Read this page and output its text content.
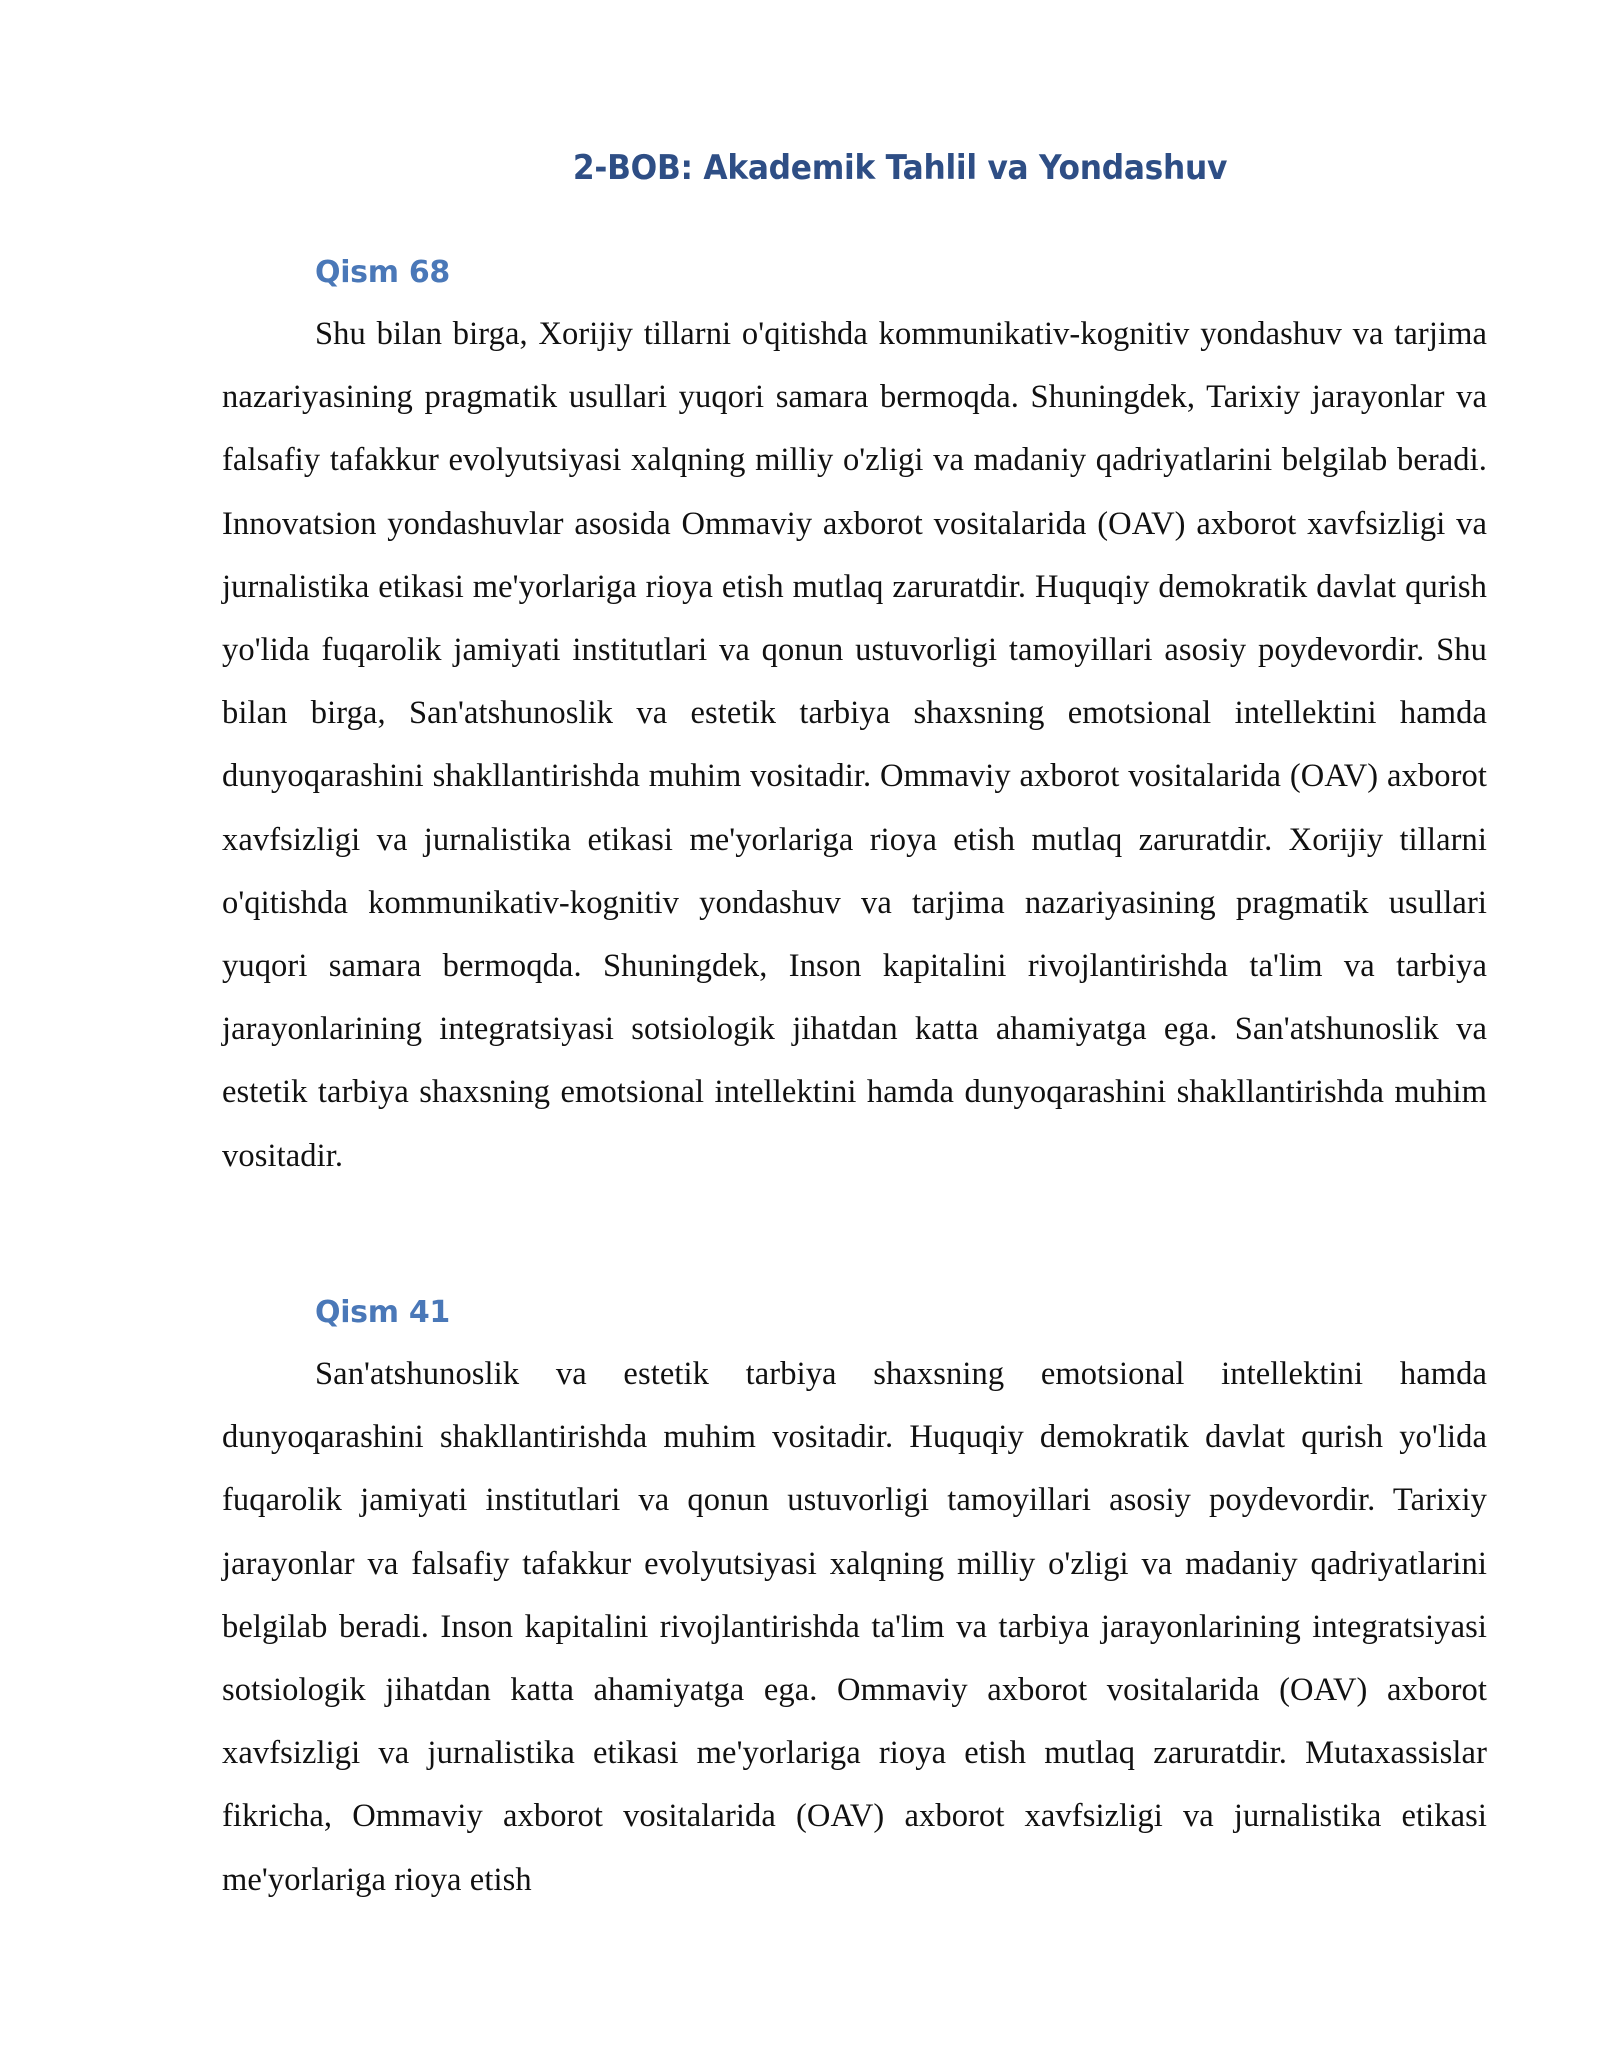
2-BOB: Akademik Tahlil va Yondashuv
Qism 68

Shu bilan birga, Xorijiy tillarni o'qitishda kommunikativ-kognitiv yondashuv va tarjima nazariyasining pragmatik usullari yuqori samara bermoqda. Shuningdek, Tarixiy jarayonlar va falsafiy tafakkur evolyutsiyasi xalqning milliy o'zligi va madaniy qadriyatlarini belgilab beradi. Innovatsion yondashuvlar asosida Ommaviy axborot vositalarida (OAV) axborot xavfsizligi va jurnalistika etikasi me'yorlariga rioya etish mutlaq zaruratdir. Huquqiy demokratik davlat qurish yo'lida fuqarolik jamiyati institutlari va qonun ustuvorligi tamoyillari asosiy poydevordir. Shu bilan birga, San'atshunoslik va estetik tarbiya shaxsning emotsional intellektini hamda dunyoqarashini shakllantirishda muhim vositadir. Ommaviy axborot vositalarida (OAV) axborot xavfsizligi va jurnalistika etikasi me'yorlariga rioya etish mutlaq zaruratdir. Xorijiy tillarni o'qitishda kommunikativ-kognitiv yondashuv va tarjima nazariyasining pragmatik usullari yuqori samara bermoqda. Shuningdek, Inson kapitalini rivojlantirishda ta'lim va tarbiya jarayonlarining integratsiyasi sotsiologik jihatdan katta ahamiyatga ega. San'atshunoslik va estetik tarbiya shaxsning emotsional intellektini hamda dunyoqarashini shakllantirishda muhim vositadir.

Qism 41

San'atshunoslik va estetik tarbiya shaxsning emotsional intellektini hamda dunyoqarashini shakllantirishda muhim vositadir. Huquqiy demokratik davlat qurish yo'lida fuqarolik jamiyati institutlari va qonun ustuvorligi tamoyillari asosiy poydevordir. Tarixiy jarayonlar va falsafiy tafakkur evolyutsiyasi xalqning milliy o'zligi va madaniy qadriyatlarini belgilab beradi. Inson kapitalini rivojlantirishda ta'lim va tarbiya jarayonlarining integratsiyasi sotsiologik jihatdan katta ahamiyatga ega. Ommaviy axborot vositalarida (OAV) axborot xavfsizligi va jurnalistika etikasi me'yorlariga rioya etish mutlaq zaruratdir. Mutaxassislar fikricha, Ommaviy axborot vositalarida (OAV) axborot xavfsizligi va jurnalistika etikasi me'yorlariga rioya etish
